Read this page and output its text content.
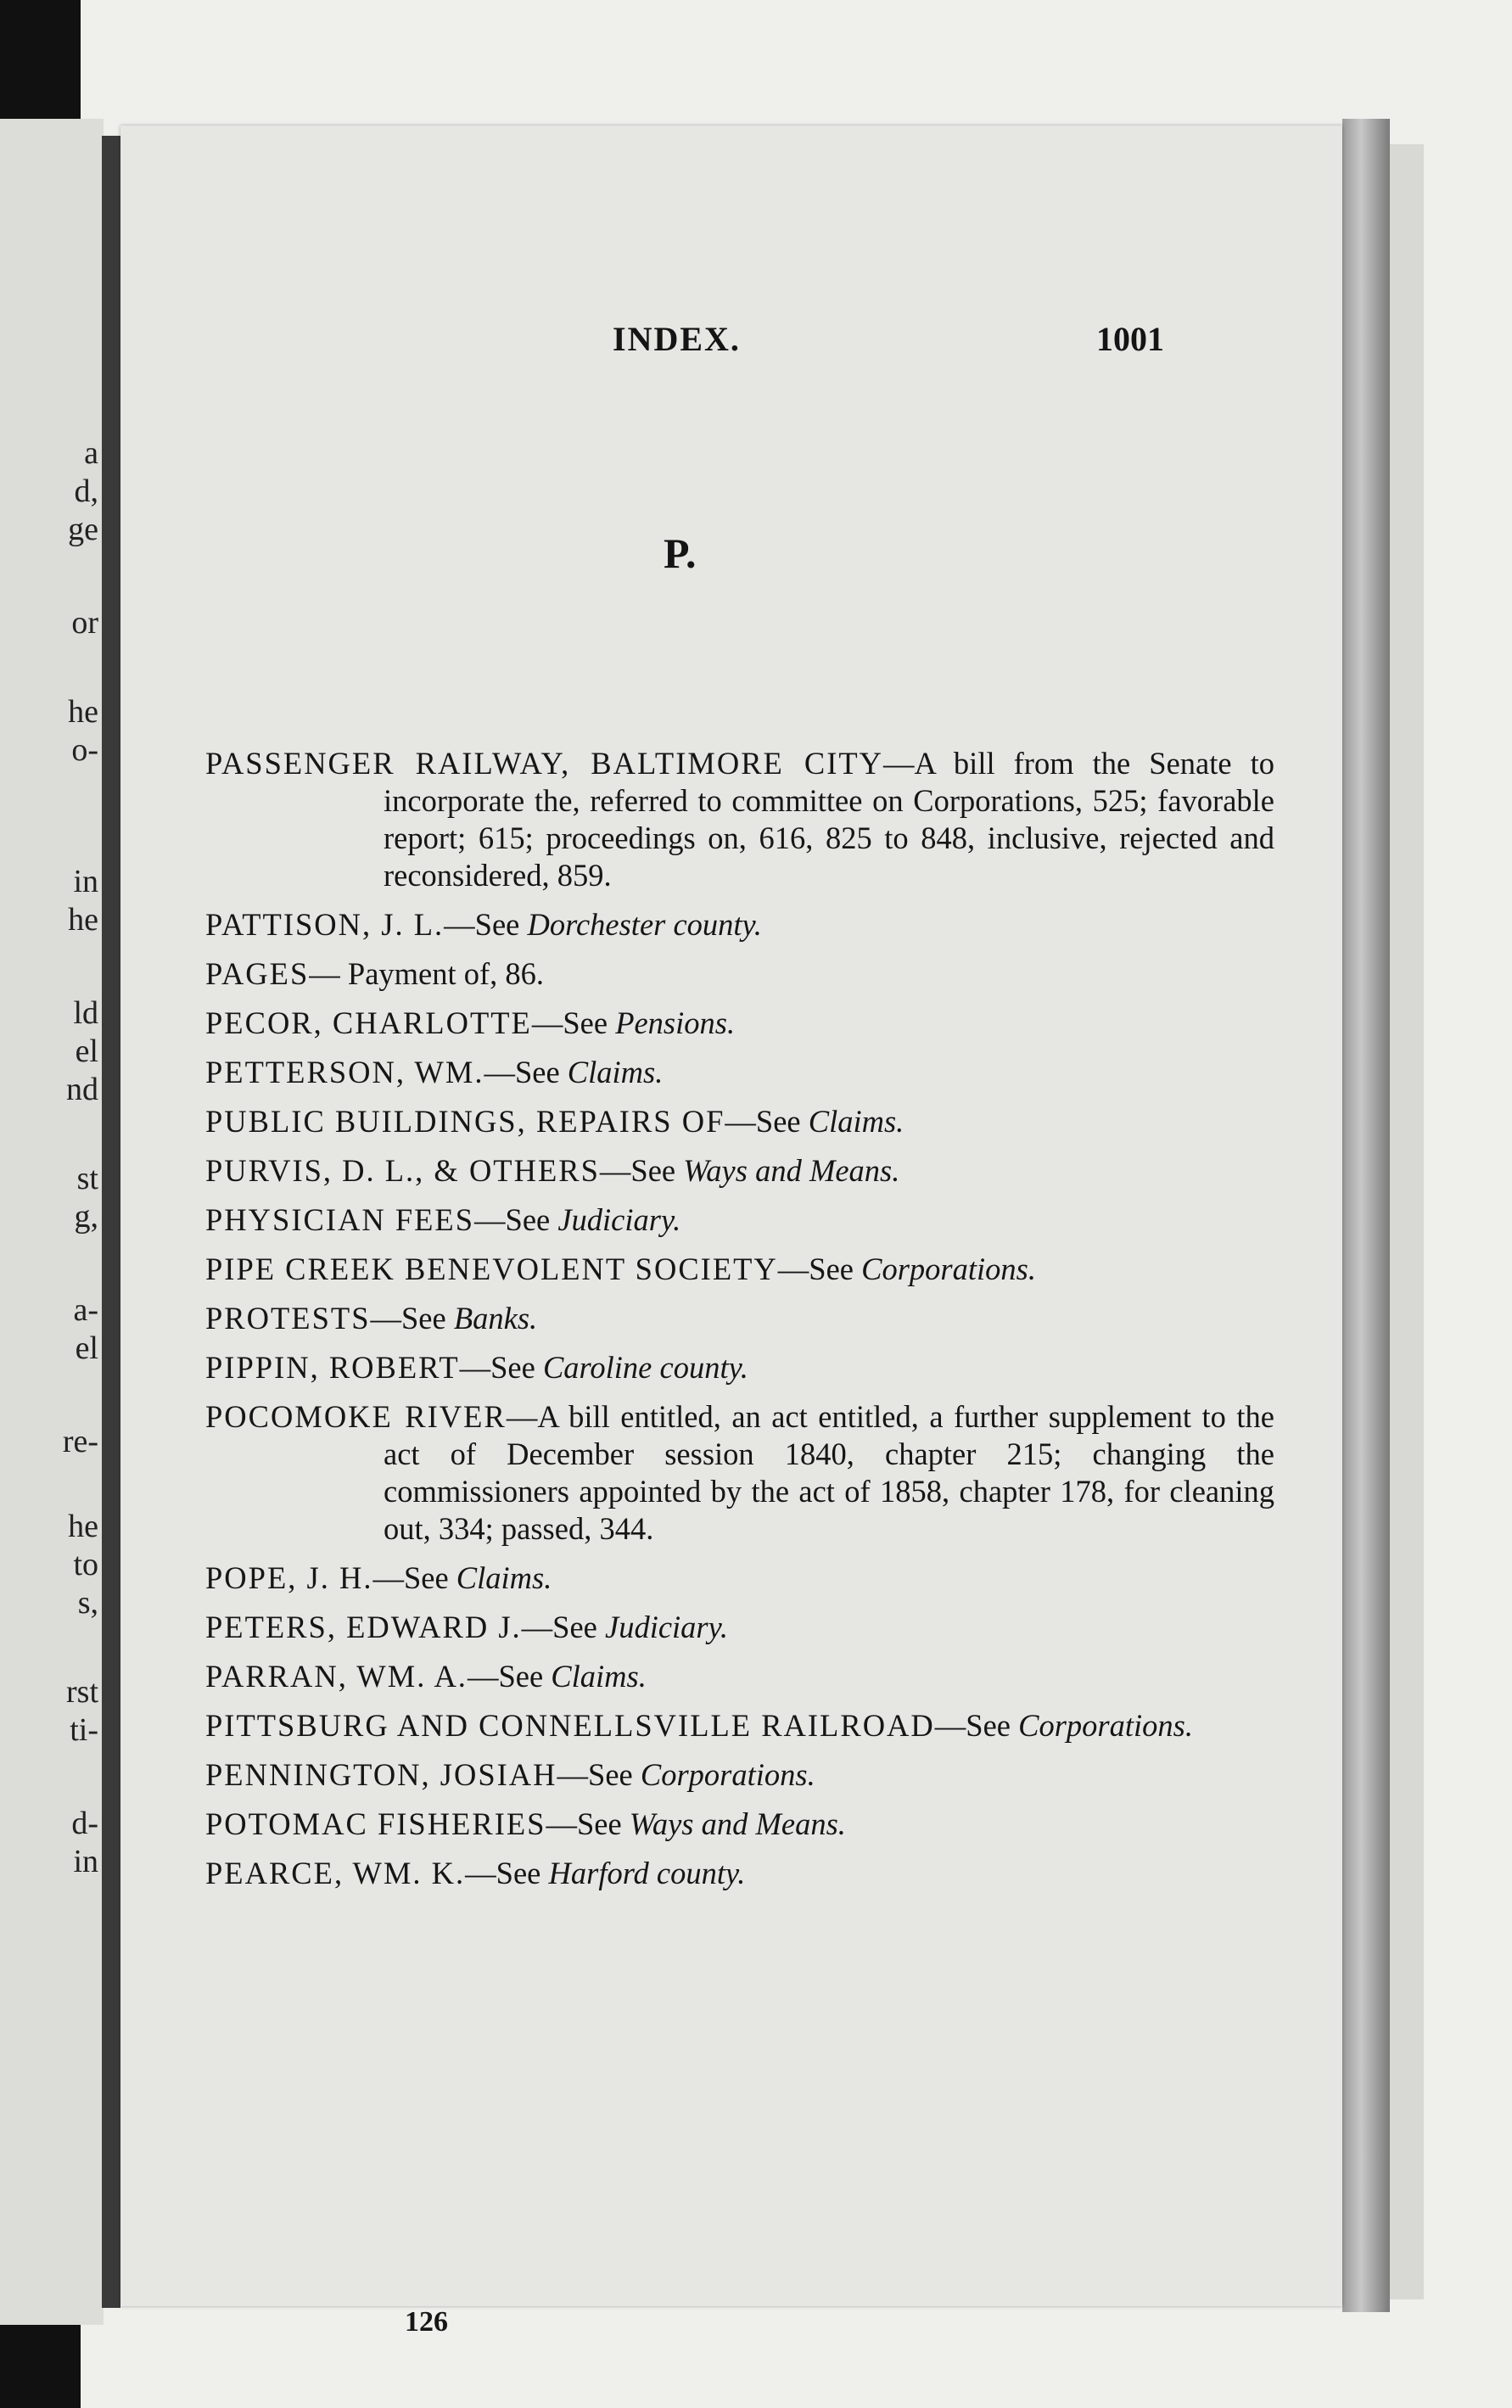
a
d,
ge
or
he
o-
in
he
ld
el
nd
st
g,
a-
el
re-
he
to
s,
rst
ti-
d-
in
INDEX.	1001
P.
PASSENGER RAILWAY, BALTIMORE CITY—A bill from the Senate to incorporate the, referred to committee on Corporations, 525; favorable report; 615; proceedings on, 616, 825 to 848, inclusive, rejected and reconsidered, 859.
PATTISON, J. L.—See Dorchester county.
PAGES— Payment of, 86.
PECOR, CHARLOTTE—See Pensions.
PETTERSON, WM.—See Claims.
PUBLIC BUILDINGS, REPAIRS OF—See Claims.
PURVIS, D. L., & OTHERS—See Ways and Means.
PHYSICIAN FEES—See Judiciary.
PIPE CREEK BENEVOLENT SOCIETY—See Corporations.
PROTESTS—See Banks.
PIPPIN, ROBERT—See Caroline county.
POCOMOKE RIVER—A bill entitled, an act entitled, a further supplement to the act of December session 1840, chapter 215; changing the commissioners appointed by the act of 1858, chapter 178, for cleaning out, 334; passed, 344.
POPE, J. H.—See Claims.
PETERS, EDWARD J.—See Judiciary.
PARRAN, WM. A.—See Claims.
PITTSBURG AND CONNELLSVILLE RAILROAD—See Corporations.
PENNINGTON, JOSIAH—See Corporations.
POTOMAC FISHERIES—See Ways and Means.
PEARCE, WM. K.—See Harford county.
126
